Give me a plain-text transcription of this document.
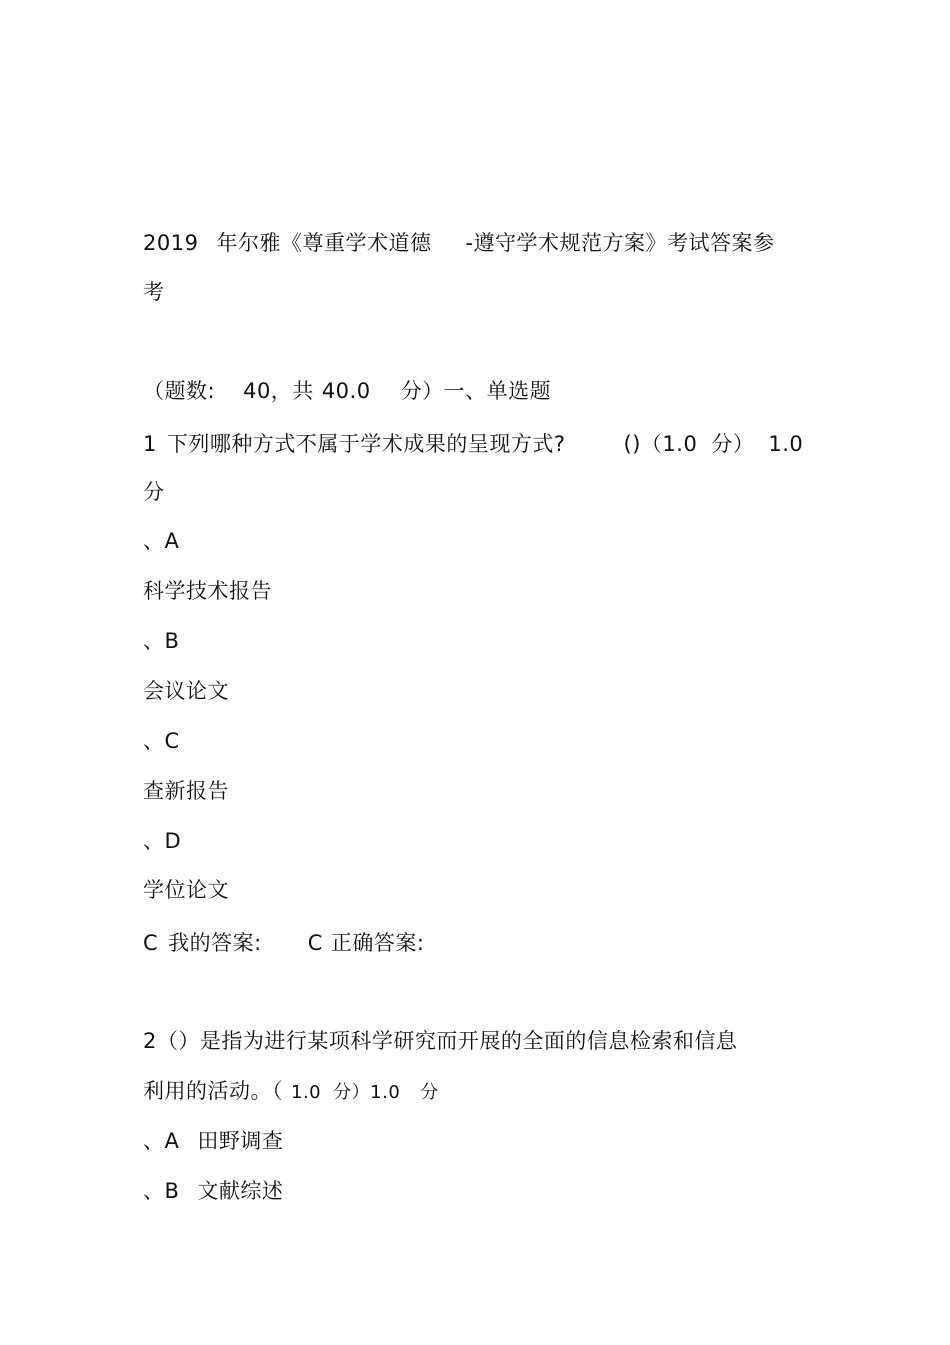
2019 年尔雅《尊重学术道德 -遵守学术规范方案》考试答案参
考
（题数: 40，共 40.0 分）一、单选题
1 下列哪种方式不属于学术成果的呈现方式?	()（1.0 分） 1.0
分
、A
科学技术报告
、B
会议论文
、C
查新报告
、D
学位论文
C 我的答案: C 正确答案:
2（）是指为进行某项科学研究而开展的全面的信息检索和信息
利用的活动。（ 1.0 分）1.0 分
、A 田野调查
、B 文献综述
